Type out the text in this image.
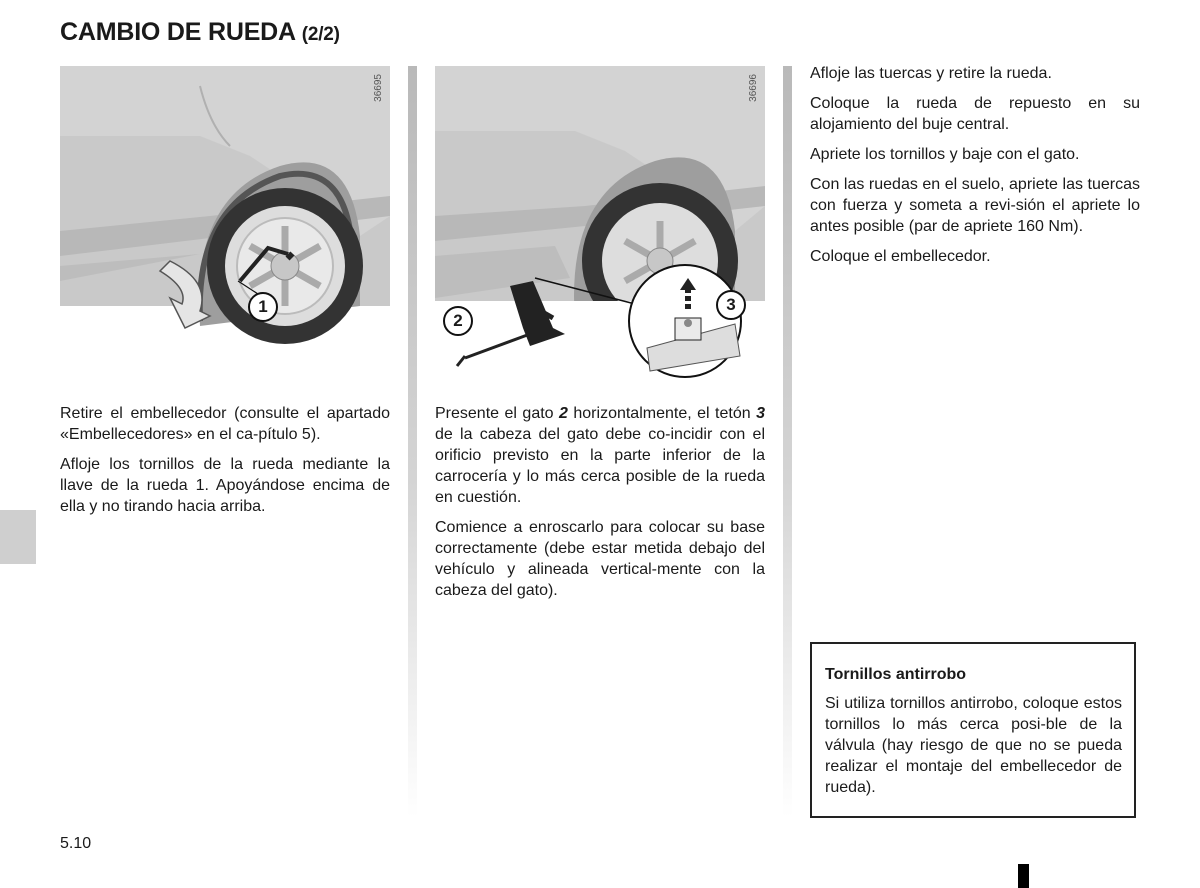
CAMBIO DE RUEDA (2/2)
36695
1
36696
2
3

Retire el embellecedor (consulte el apartado «Embellecedores» en el ca-pítulo 5).

Afloje los tornillos de la rueda mediante la llave de la rueda 1. Apoyándose encima de ella y no tirando hacia arriba.

Presente el gato 2 horizontalmente, el tetón 3 de la cabeza del gato debe co-incidir con el orificio previsto en la parte inferior de la carrocería y lo más cerca posible de la rueda en cuestión.

Comience a enroscarlo para colocar su base correctamente (debe estar metida debajo del vehículo y alineada vertical-mente con la cabeza del gato).

Afloje las tuercas y retire la rueda.

Coloque la rueda de repuesto en su alojamiento del buje central.

Apriete los tornillos y baje con el gato.

Con las ruedas en el suelo, apriete las tuercas con fuerza y someta a revi-sión el apriete lo antes posible (par de apriete 160 Nm).

Coloque el embellecedor.

Tornillos antirrobo

Si utiliza tornillos antirrobo, coloque estos tornillos lo más cerca posi-ble de la válvula (hay riesgo de que no se pueda realizar el montaje del embellecedor de rueda).

5.10
